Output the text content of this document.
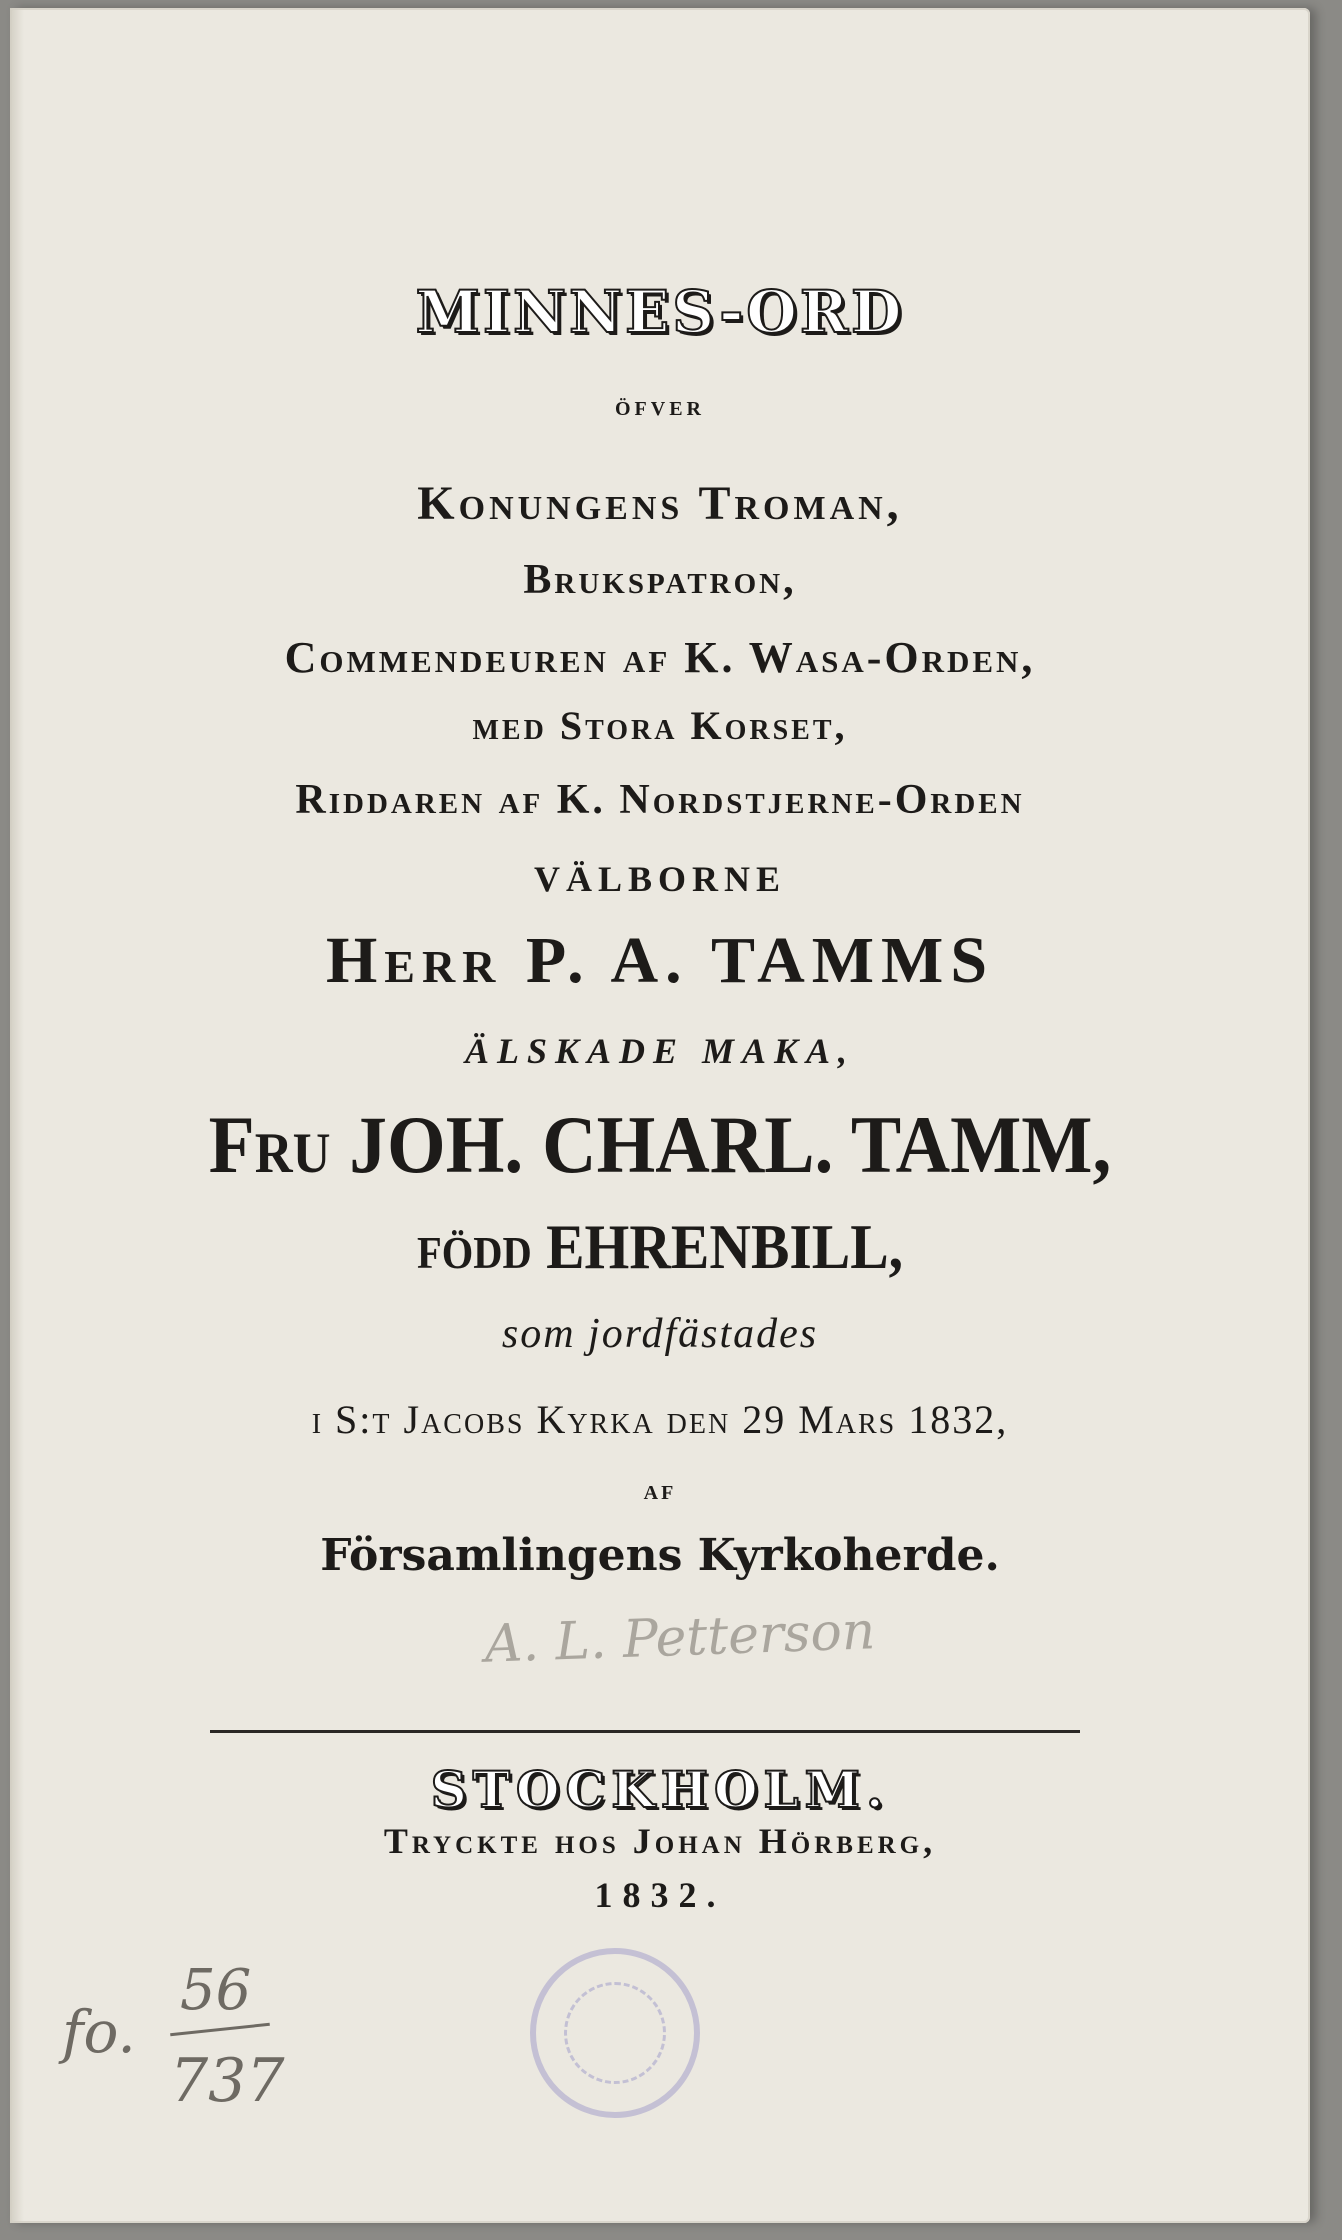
MINNES-ORD
ÖFVER
Konungens Troman,
Brukspatron,
Commendeuren af K. Wasa-Orden,
med Stora Korset,
Riddaren af K. Nordstjerne-Orden
VÄLBORNE
Herr P. A. TAMMS
ÄLSKADE MAKA,
Fru JOH. CHARL. TAMM,
född EHRENBILL,
som jordfästades
i S:t Jacobs Kyrka den 29 Mars 1832,
AF
Församlingens Kyrkoherde.
A. L. Petterson
STOCKHOLM.
Tryckte hos Johan Hörberg,
1832.
fo.
56
737
